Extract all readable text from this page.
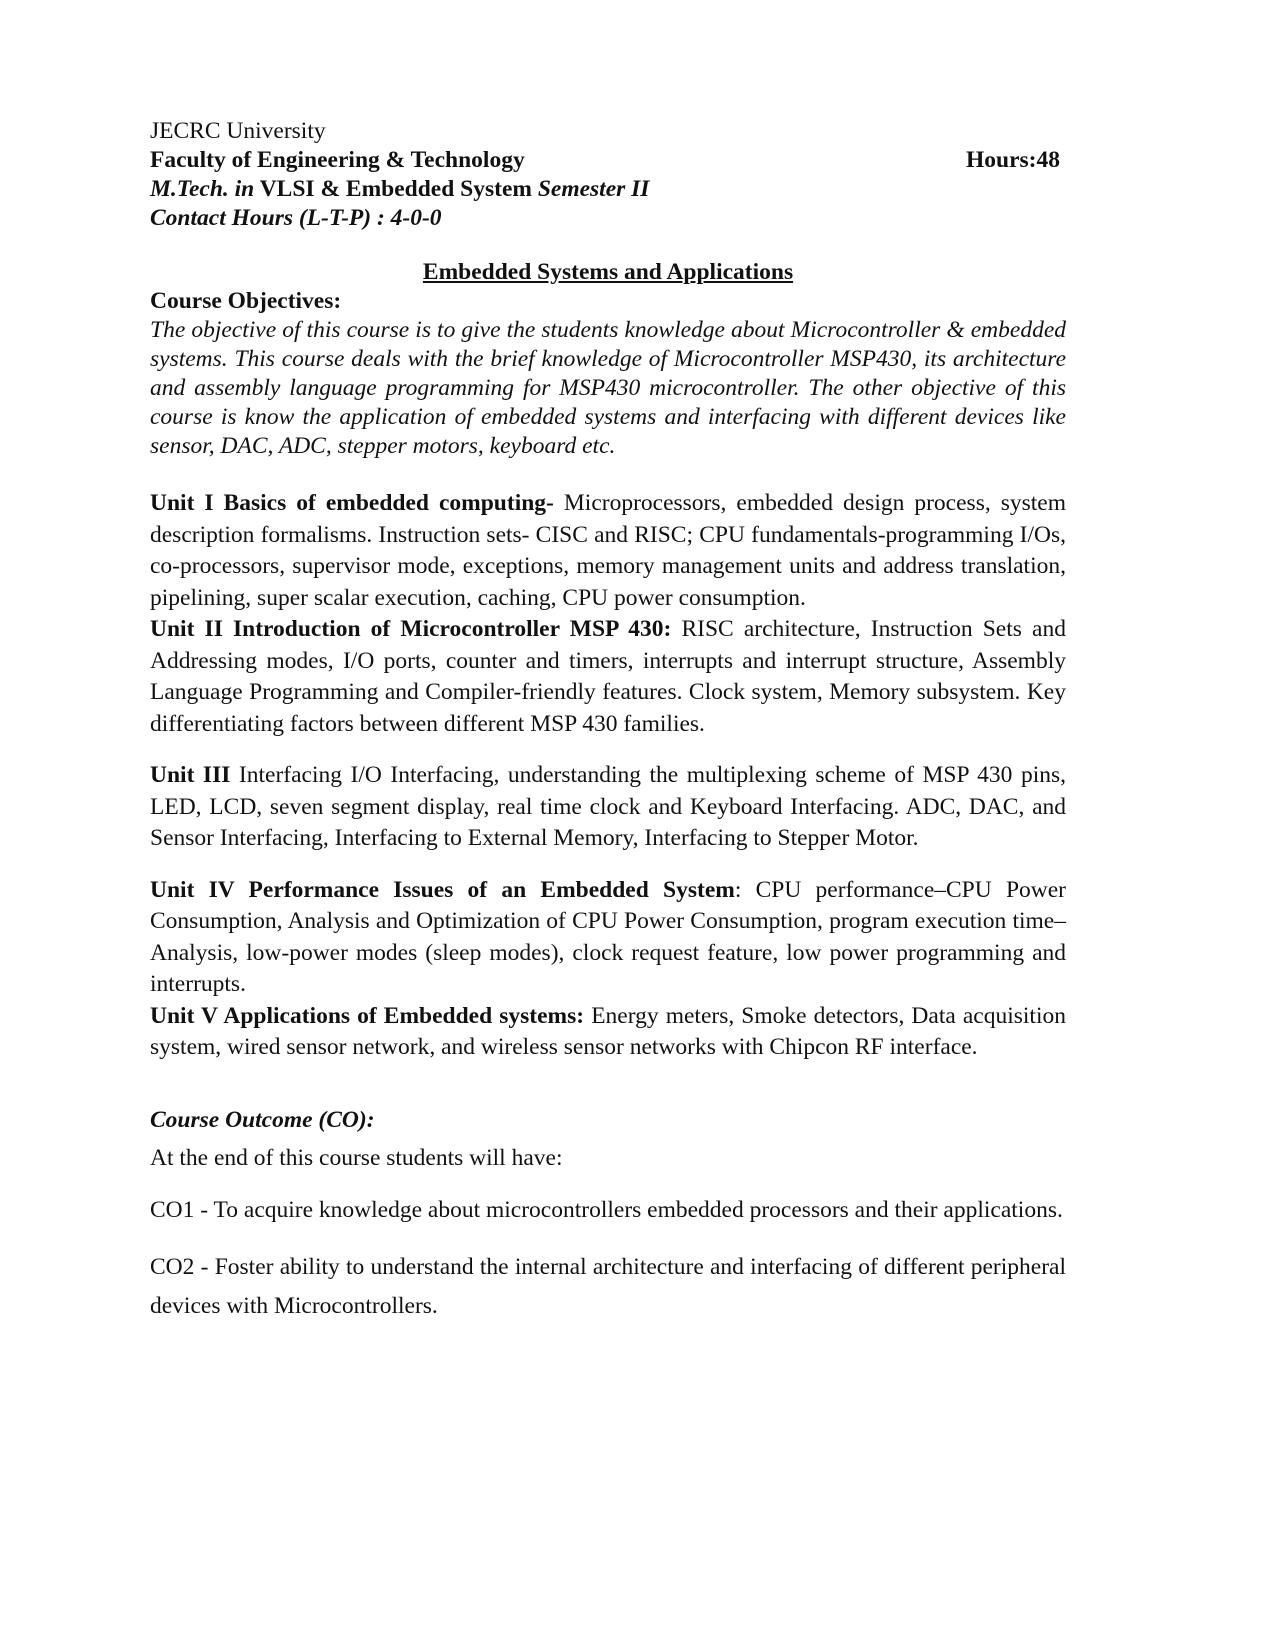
JECRC University
Faculty of Engineering & Technology	Hours:48
M.Tech. in VLSI & Embedded System Semester II
Contact Hours (L-T-P) : 4-0-0
Embedded Systems and Applications
Course Objectives:

The objective of this course is to give the students knowledge about Microcontroller & embedded systems. This course deals with the brief knowledge of Microcontroller MSP430, its architecture and assembly language programming for MSP430 microcontroller. The other objective of this course is know the application of embedded systems and interfacing with different devices like sensor, DAC, ADC, stepper motors, keyboard etc.

Unit I Basics of embedded computing- Microprocessors, embedded design process, system description formalisms. Instruction sets- CISC and RISC; CPU fundamentals-programming I/Os, co-processors, supervisor mode, exceptions, memory management units and address translation, pipelining, super scalar execution, caching, CPU power consumption.

Unit II Introduction of Microcontroller MSP 430: RISC architecture, Instruction Sets and Addressing modes, I/O ports, counter and timers, interrupts and interrupt structure, Assembly Language Programming and Compiler-friendly features. Clock system, Memory subsystem. Key differentiating factors between different MSP 430 families.

Unit III Interfacing I/O Interfacing, understanding the multiplexing scheme of MSP 430 pins, LED, LCD, seven segment display, real time clock and Keyboard Interfacing. ADC, DAC, and Sensor Interfacing, Interfacing to External Memory, Interfacing to Stepper Motor.

Unit IV Performance Issues of an Embedded System: CPU performance–CPU Power Consumption, Analysis and Optimization of CPU Power Consumption, program execution time– Analysis, low-power modes (sleep modes), clock request feature, low power programming and interrupts.

Unit V Applications of Embedded systems: Energy meters, Smoke detectors, Data acquisition system, wired sensor network, and wireless sensor networks with Chipcon RF interface.

Course Outcome (CO):
At the end of this course students will have:

CO1 - To acquire knowledge about microcontrollers embedded processors and their applications.

CO2 - Foster ability to understand the internal architecture and interfacing of different peripheral devices with Microcontrollers.
